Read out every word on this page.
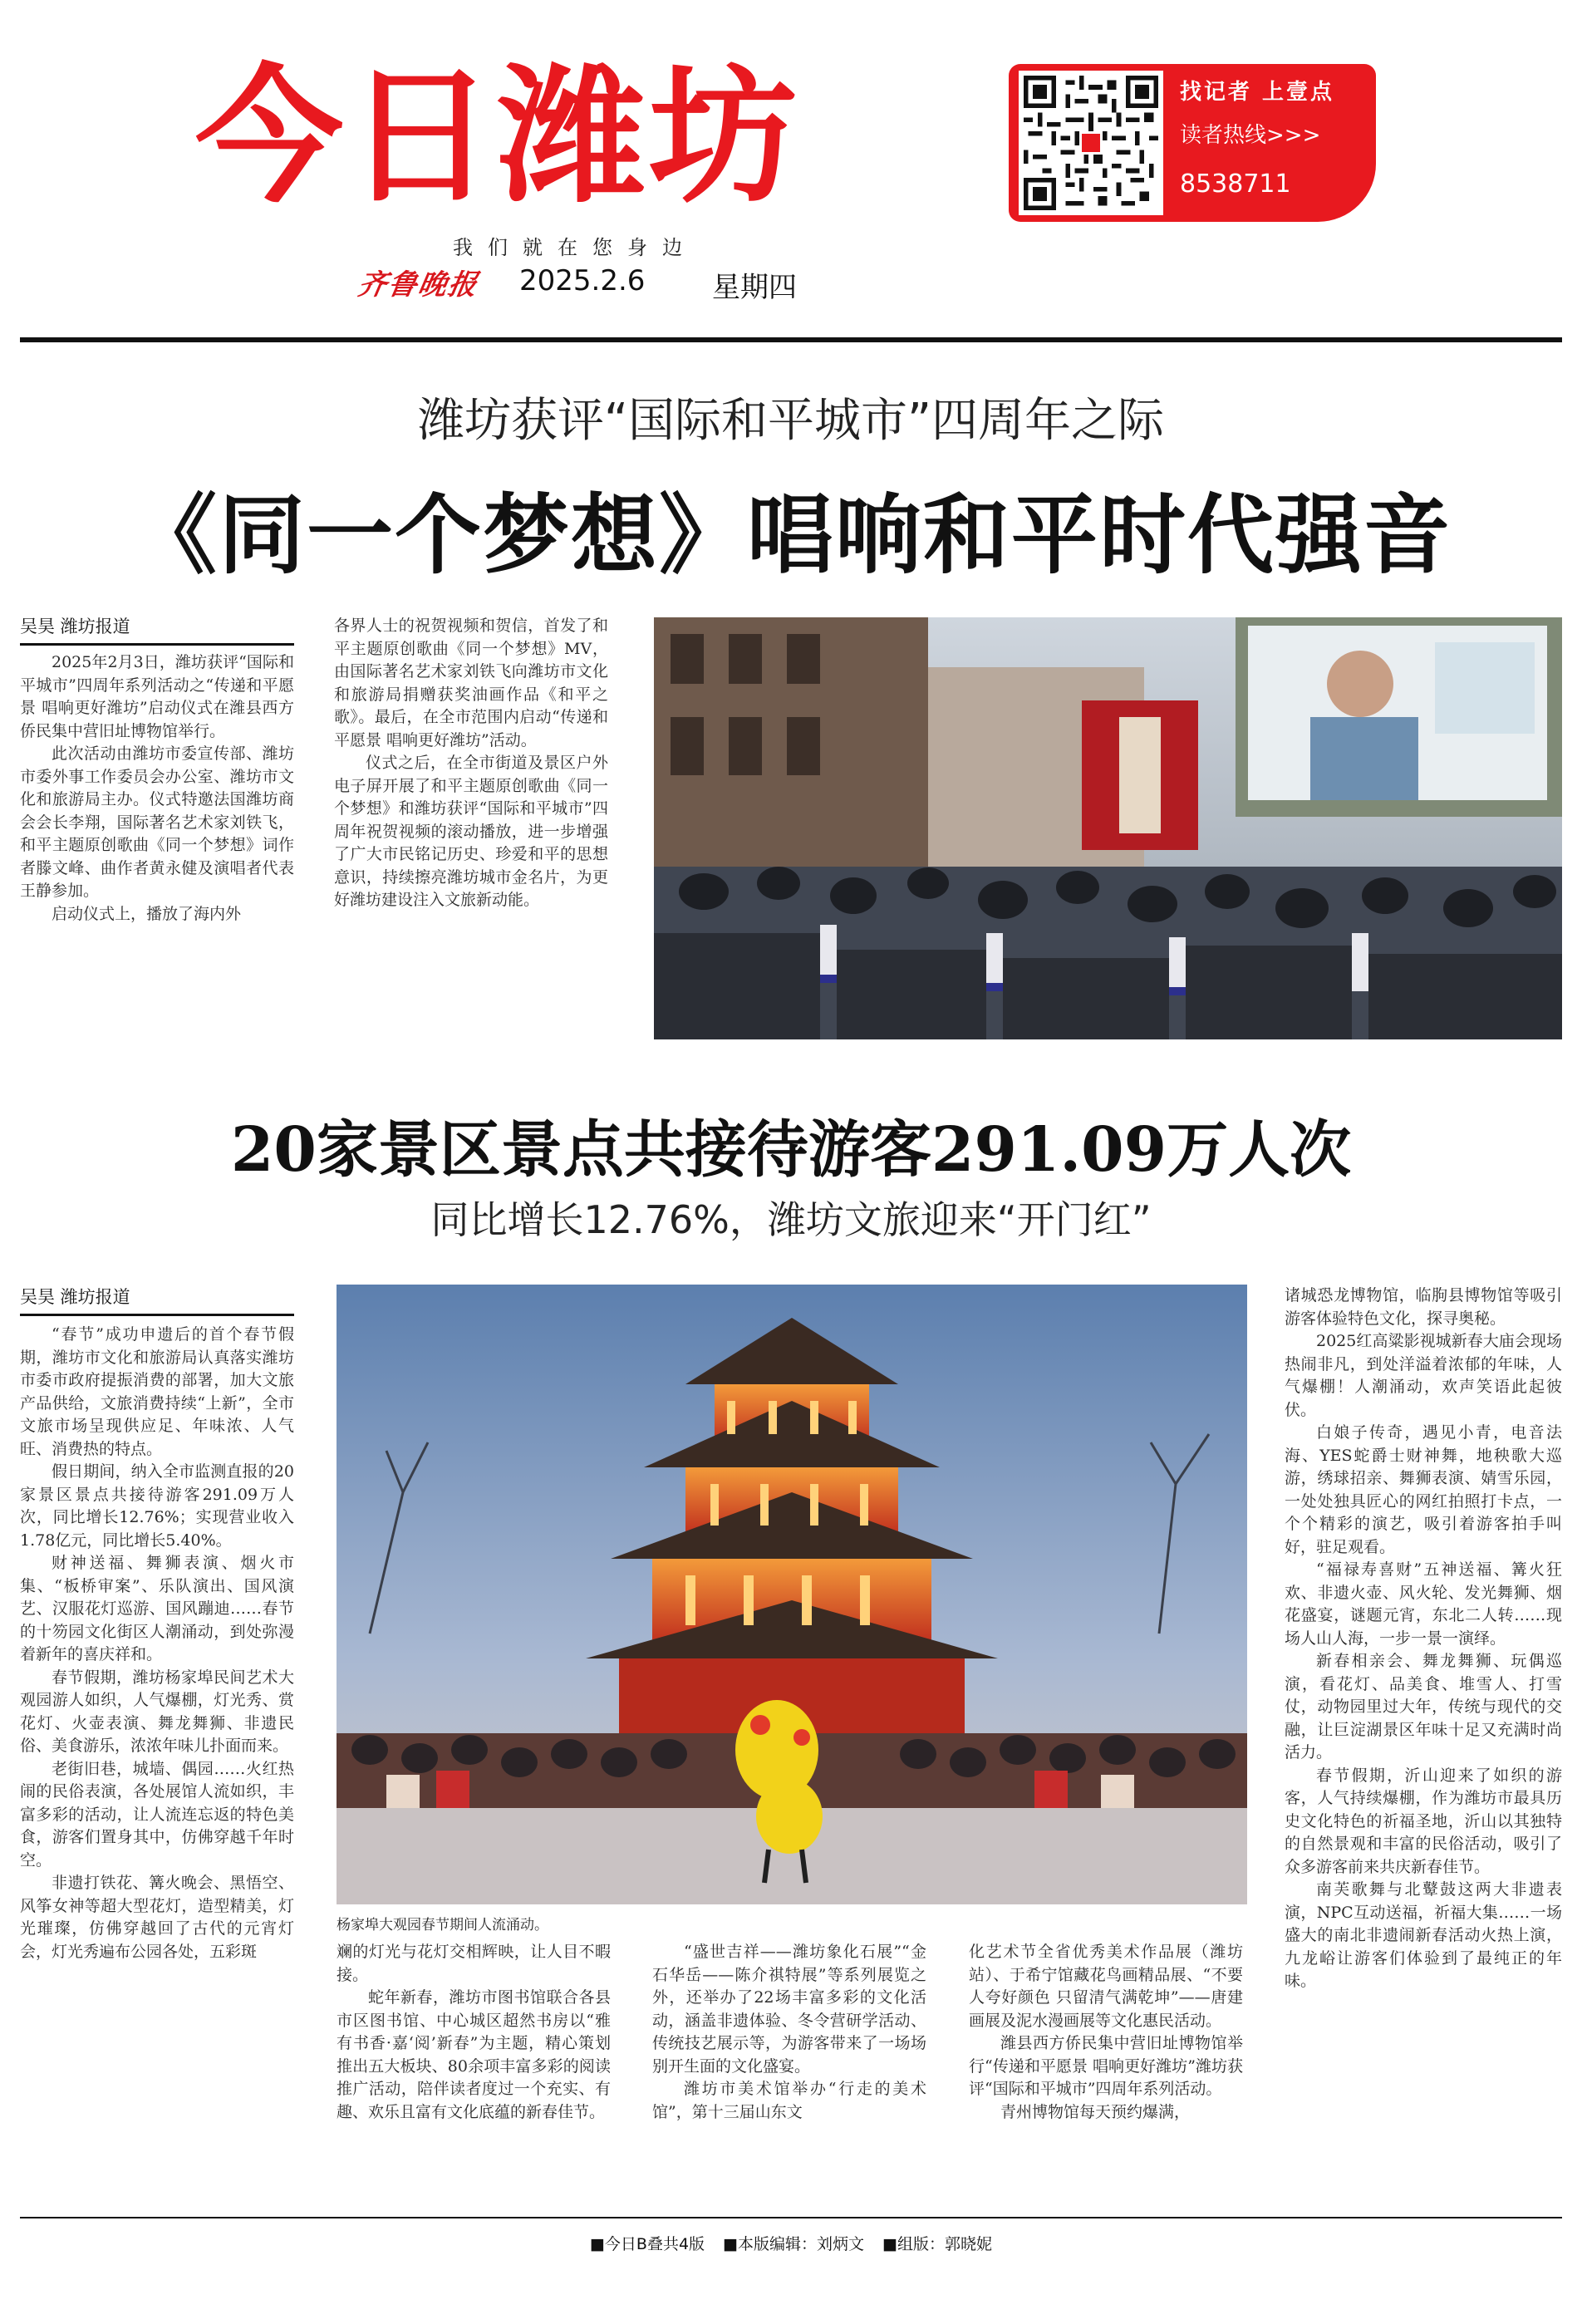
今日潍坊
我们就在您身边
齐鲁晚报	2025.2.6 星期四
找记者 上壹点
读者热线>>>
8538711
潍坊获评“国际和平城市”四周年之际
《同一个梦想》唱响和平时代强音
吴昊 潍坊报道

2025年2月3日，潍坊获评“国际和平城市”四周年系列活动之“传递和平愿景 唱响更好潍坊”启动仪式在潍县西方侨民集中营旧址博物馆举行。

此次活动由潍坊市委宣传部、潍坊市委外事工作委员会办公室、潍坊市文化和旅游局主办。仪式特邀法国潍坊商会会长李翔，国际著名艺术家刘铁飞，和平主题原创歌曲《同一个梦想》词作者滕文峰、曲作者黄永健及演唱者代表王静参加。

启动仪式上，播放了海内外

各界人士的祝贺视频和贺信，首发了和平主题原创歌曲《同一个梦想》MV，由国际著名艺术家刘铁飞向潍坊市文化和旅游局捐赠获奖油画作品《和平之歌》。最后，在全市范围内启动“传递和平愿景 唱响更好潍坊”活动。

仪式之后，在全市街道及景区户外电子屏开展了和平主题原创歌曲《同一个梦想》和潍坊获评“国际和平城市”四周年祝贺视频的滚动播放，进一步增强了广大市民铭记历史、珍爱和平的思想意识，持续擦亮潍坊城市金名片，为更好潍坊建设注入文旅新动能。

20家景区景点共接待游客291.09万人次
同比增长12.76%，潍坊文旅迎来“开门红”
吴昊 潍坊报道

“春节”成功申遗后的首个春节假期，潍坊市文化和旅游局认真落实潍坊市委市政府提振消费的部署，加大文旅产品供给，文旅消费持续“上新”，全市文旅市场呈现供应足、年味浓、人气旺、消费热的特点。

假日期间，纳入全市监测直报的20家景区景点共接待游客291.09万人次，同比增长12.76%；实现营业收入1.78亿元，同比增长5.40%。

财神送福、舞狮表演、烟火市集、“板桥审案”、乐队演出、国风演艺、汉服花灯巡游、国风蹦迪……春节的十笏园文化街区人潮涌动，到处弥漫着新年的喜庆祥和。

春节假期，潍坊杨家埠民间艺术大观园游人如织，人气爆棚，灯光秀、赏花灯、火壶表演、舞龙舞狮、非遗民俗、美食游乐，浓浓年味儿扑面而来。

老街旧巷，城墙、偶园……火红热闹的民俗表演，各处展馆人流如织，丰富多彩的活动，让人流连忘返的特色美食，游客们置身其中，仿佛穿越千年时空。

非遗打铁花、篝火晚会、黑悟空、风筝女神等超大型花灯，造型精美，灯光璀璨，仿佛穿越回了古代的元宵灯会，灯光秀遍布公园各处，五彩斑

杨家埠大观园春节期间人流涌动。

斓的灯光与花灯交相辉映，让人目不暇接。

蛇年新春，潍坊市图书馆联合各县市区图书馆、中心城区超然书房以“雅有书香·嘉‘阅’新春”为主题，精心策划推出五大板块、80余项丰富多彩的阅读推广活动，陪伴读者度过一个充实、有趣、欢乐且富有文化底蕴的新春佳节。

“盛世吉祥——潍坊象化石展”“金石华岳——陈介祺特展”等系列展览之外，还举办了22场丰富多彩的文化活动，涵盖非遗体验、冬令营研学活动、传统技艺展示等，为游客带来了一场场别开生面的文化盛宴。

潍坊市美术馆举办“行走的美术馆”，第十三届山东文

化艺术节全省优秀美术作品展（潍坊站）、于希宁馆藏花鸟画精品展、“不要人夸好颜色 只留清气满乾坤”——唐建画展及泥水漫画展等文化惠民活动。

潍县西方侨民集中营旧址博物馆举行“传递和平愿景 唱响更好潍坊”潍坊获评“国际和平城市”四周年系列活动。

青州博物馆每天预约爆满，

诸城恐龙博物馆，临朐县博物馆等吸引游客体验特色文化，探寻奥秘。

2025红高粱影视城新春大庙会现场热闹非凡，到处洋溢着浓郁的年味，人气爆棚！人潮涌动，欢声笑语此起彼伏。

白娘子传奇，遇见小青，电音法海、YES蛇爵士财神舞，地秧歌大巡游，绣球招亲、舞狮表演、婧雪乐园，一处处独具匠心的网红拍照打卡点，一个个精彩的演艺，吸引着游客拍手叫好，驻足观看。

“福禄寿喜财”五神送福、篝火狂欢、非遗火壶、风火轮、发光舞狮、烟花盛宴，谜题元宵，东北二人转……现场人山人海，一步一景一演绎。

新春相亲会、舞龙舞狮、玩偶巡演，看花灯、品美食、堆雪人、打雪仗，动物园里过大年，传统与现代的交融，让巨淀湖景区年味十足又充满时尚活力。

春节假期，沂山迎来了如织的游客，人气持续爆棚，作为潍坊市最具历史文化特色的祈福圣地，沂山以其独特的自然景观和丰富的民俗活动，吸引了众多游客前来共庆新春佳节。

南芙歌舞与北鼙鼓这两大非遗表演，NPC互动送福，祈福大集……一场盛大的南北非遗闹新春活动火热上演，九龙峪让游客们体验到了最纯正的年味。

■今日B叠共4版 ■本版编辑：刘炳文 ■组版：郭晓妮
